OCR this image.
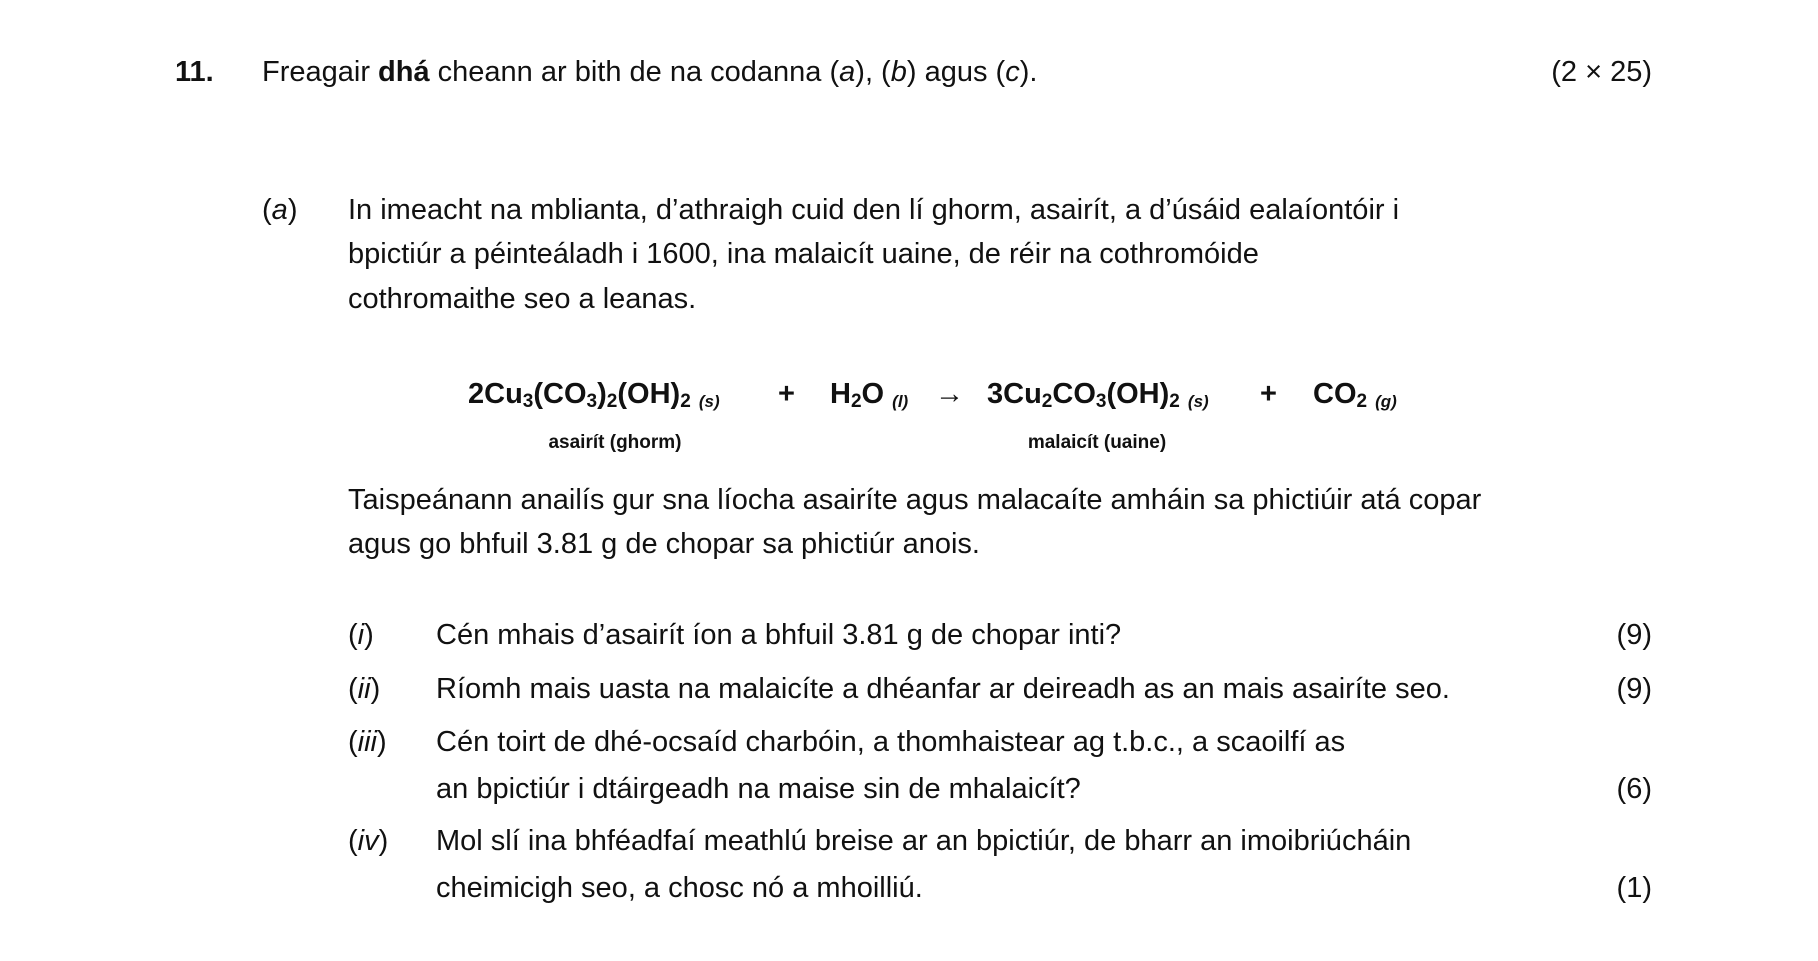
11. Freagair dhá cheann ar bith de na codanna (a), (b) agus (c).	(2 × 25)
(a) In imeacht na mblianta, d’athraigh cuid den lí ghorm, asairít, a d’úsáid ealaíontóir i
bpictiúr a péinteáladh i 1600, ina malaicít uaine, de réir na cothromóide
cothromaithe seo a leanas.
$2Cu_3(CO_3)_2(OH)_2$ $(s) + H_2O$ $(l) \to 3Cu_2CO_3(OH)_2$ $(s) + CO_2$ (g)
asairít (ghorm)	malaicít (uaine)
Taispeánann anailís gur sna líocha asairíte agus malacaíte amháin sa phictiúir atá copar
agus go bhfuil 3.81 g de chopar sa phictiúr anois.
(i) Cén mhais d’asairít íon a bhfuil 3.81 g de chopar inti?	(9)
(ii) Ríomh mais uasta na malaicíte a dhéanfar ar deireadh as an mais asairíte seo.	(9)
(iii) Cén toirt de dhé-ocsaíd charbóin, a thomhaistear ag t.b.c., a scaoilfí as
an bpictiúr i dtáirgeadh na maise sin de mhalaicít?	(6)
(iv) Mol slí ina bhféadfaí meathlú breise ar an bpictiúr, de bharr an imoibriúcháin
cheimicigh seo, a chosc nó a mhoilliú.	(1)
